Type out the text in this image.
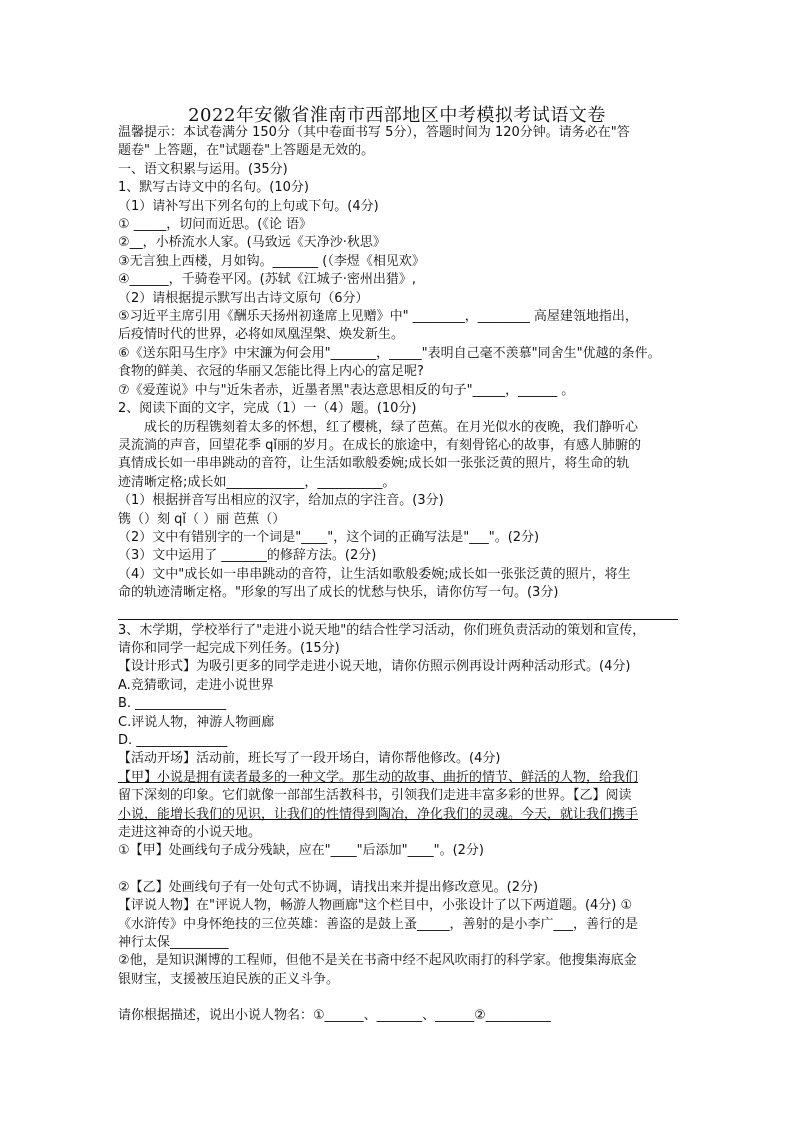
2022年安徽省淮南市西部地区中考模拟考试语文卷

温馨提示：本试卷满分 150分（其中卷面书写 5分），答题时间为 120分钟。请务必在"答

题卷" 上答题，在"试题卷"上答题是无效的。

一、语文积累与运用。(35分)

1、默写古诗文中的名句。(10分)

（1）请补写出下列名句的上句或下句。(4分)

① _____，切问而近思。(《论 语》

②__，小桥流水人家。(马致远《天净沙·秋思》

③无言独上西楼，月如钩。_______ (（李煜《相见欢》

④______，千骑卷平冈。(苏轼《江城子·密州出猎》,

（2）请根据提示默写出古诗文原句（6分）

⑤习近平主席引用《酬乐天扬州初逢席上见赠》中" ________，________ 高屋建瓴地指出，

后疫情时代的世界，必将如凤凰涅槃、焕发新生。

⑥《送东阳马生序》中宋濂为何会用"_______，_____"表明自己毫不羡慕"同舍生"优越的条件。

食物的鲜美、衣冠的华丽又怎能比得上内心的富足呢?

⑦《爱莲说》中与"近朱者赤，近墨者黑"表达意思相反的句子"_____，______ 。

2、阅读下面的文字，完成（1）一（4）题。(10分)

成长的历程镌刻着太多的怀想，红了樱桃，绿了芭蕉。在月光似水的夜晚，我们静听心

灵流淌的声音，回望花季 qǐ丽的岁月。在成长的旅途中，有刻骨铭心的故事，有感人肺腑的

真情成长如一串串跳动的音符，让生活如歌般委婉;成长如一张张泛黄的照片，将生命的轨

迹清晰定格;成长如____________，__________。

（1）根据拼音写出相应的汉字，给加点的字注音。(3分)

镌（）刻 qǐ（ ）丽 芭蕉（）

（2）文中有错别字的一个词是"____"，这个词的正确写法是"___"。(2分)

（3）文中运用了 _______的修辞方法。(2分)

（4）文中"成长如一串串跳动的音符，让生活如歌般委婉;成长如一张张泛黄的照片，将生

命的轨迹清晰定格。"形象的写出了成长的忧愁与快乐，请你仿写一句。(3分)

3、木学期，学校举行了"走进小说天地"的结合性学习活动，你们班负责活动的策划和宣传，

请你和同学一起完成下列任务。(15分)

【设计形式】为吸引更多的同学走进小说天地，请你仿照示例再设计两种活动形式。(4分)

A.竞猜歌词，走进小说世界

B. ______________

C.评说人物，神游人物画廊

D. ______________

【活动开场】活动前，班长写了一段开场白，请你帮他修改。(4分)

【甲】小说是拥有读者最多的一种文学。那生动的故事、曲折的情节、鲜活的人物，给我们

留下深刻的印象。它们就像一部部生活教科书，引领我们走进丰富多彩的世界。【乙】阅读

小说，能增长我们的见识，让我们的性情得到陶冶，净化我们的灵魂。今天，就让我们携手

走进这神奇的小说天地。

①【甲】处画线句子成分残缺，应在"____"后添加"____"。(2分)

②【乙】处画线句子有一处句式不协调，请找出来并提出修改意见。(2分)

【评说人物】在"评说人物，畅游人物画廊"这个栏目中，小张设计了以下两道题。(4分) ①

《水浒传》中身怀绝技的三位英雄：善盗的是鼓上蚤_____，善射的是小李广___，善行的是

神行太保_________

②他，是知识渊博的工程师，但他不是关在书斋中经不起风吹雨打的科学家。他搜集海底金

银财宝，支援被压迫民族的正义斗争。

请你根据描述，说出小说人物名：①______、_______、______②__________
